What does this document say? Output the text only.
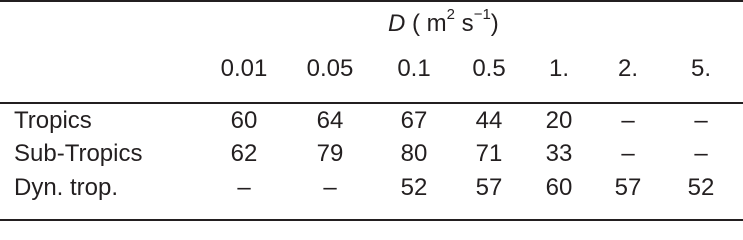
D ( $m^2$ $s^{-1}$)
0.01	0.05	0.1	0.5	1.	2.	5.
Tropics	60	64	67	44	20	–	–
Sub-Tropics	62	79	80	71	33	–	–
Dyn. trop.	–	–	52	57	60	57	52
